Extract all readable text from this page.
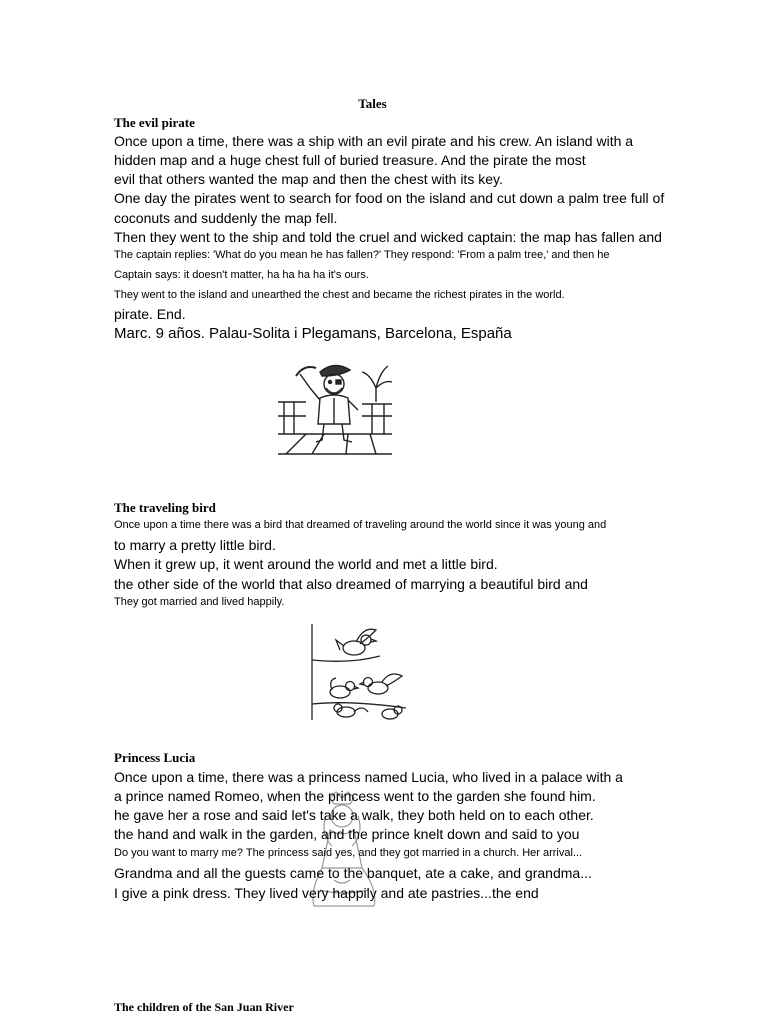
Tales
The evil pirate
Once upon a time, there was a ship with an evil pirate and his crew. An island with a
hidden map and a huge chest full of buried treasure. And the pirate the most
evil that others wanted the map and then the chest with its key.
One day the pirates went to search for food on the island and cut down a palm tree full of
coconuts and suddenly the map fell.
Then they went to the ship and told the cruel and wicked captain: the map has fallen and
The captain replies: 'What do you mean he has fallen?' They respond: 'From a palm tree,' and then he
Captain says: it doesn't matter, ha ha ha ha it's ours.
They went to the island and unearthed the chest and became the richest pirates in the world.
pirate. End.
Marc. 9 años. Palau-Solita i Plegamans, Barcelona, España
The traveling bird
Once upon a time there was a bird that dreamed of traveling around the world since it was young and
to marry a pretty little bird.
When it grew up, it went around the world and met a little bird.
the other side of the world that also dreamed of marrying a beautiful bird and
They got married and lived happily.
Princess Lucia
Once upon a time, there was a princess named Lucia, who lived in a palace with a
a prince named Romeo, when the princess went to the garden she found him.
he gave her a rose and said let's take a walk, they both held on to each other.
the hand and walk in the garden, and the prince knelt down and said to you
Do you want to marry me? The princess said yes, and they got married in a church. Her arrival...
Grandma and all the guests came to the banquet, ate a cake, and grandma...
I give a pink dress. They lived very happily and ate pastries...the end
The children of the San Juan River
